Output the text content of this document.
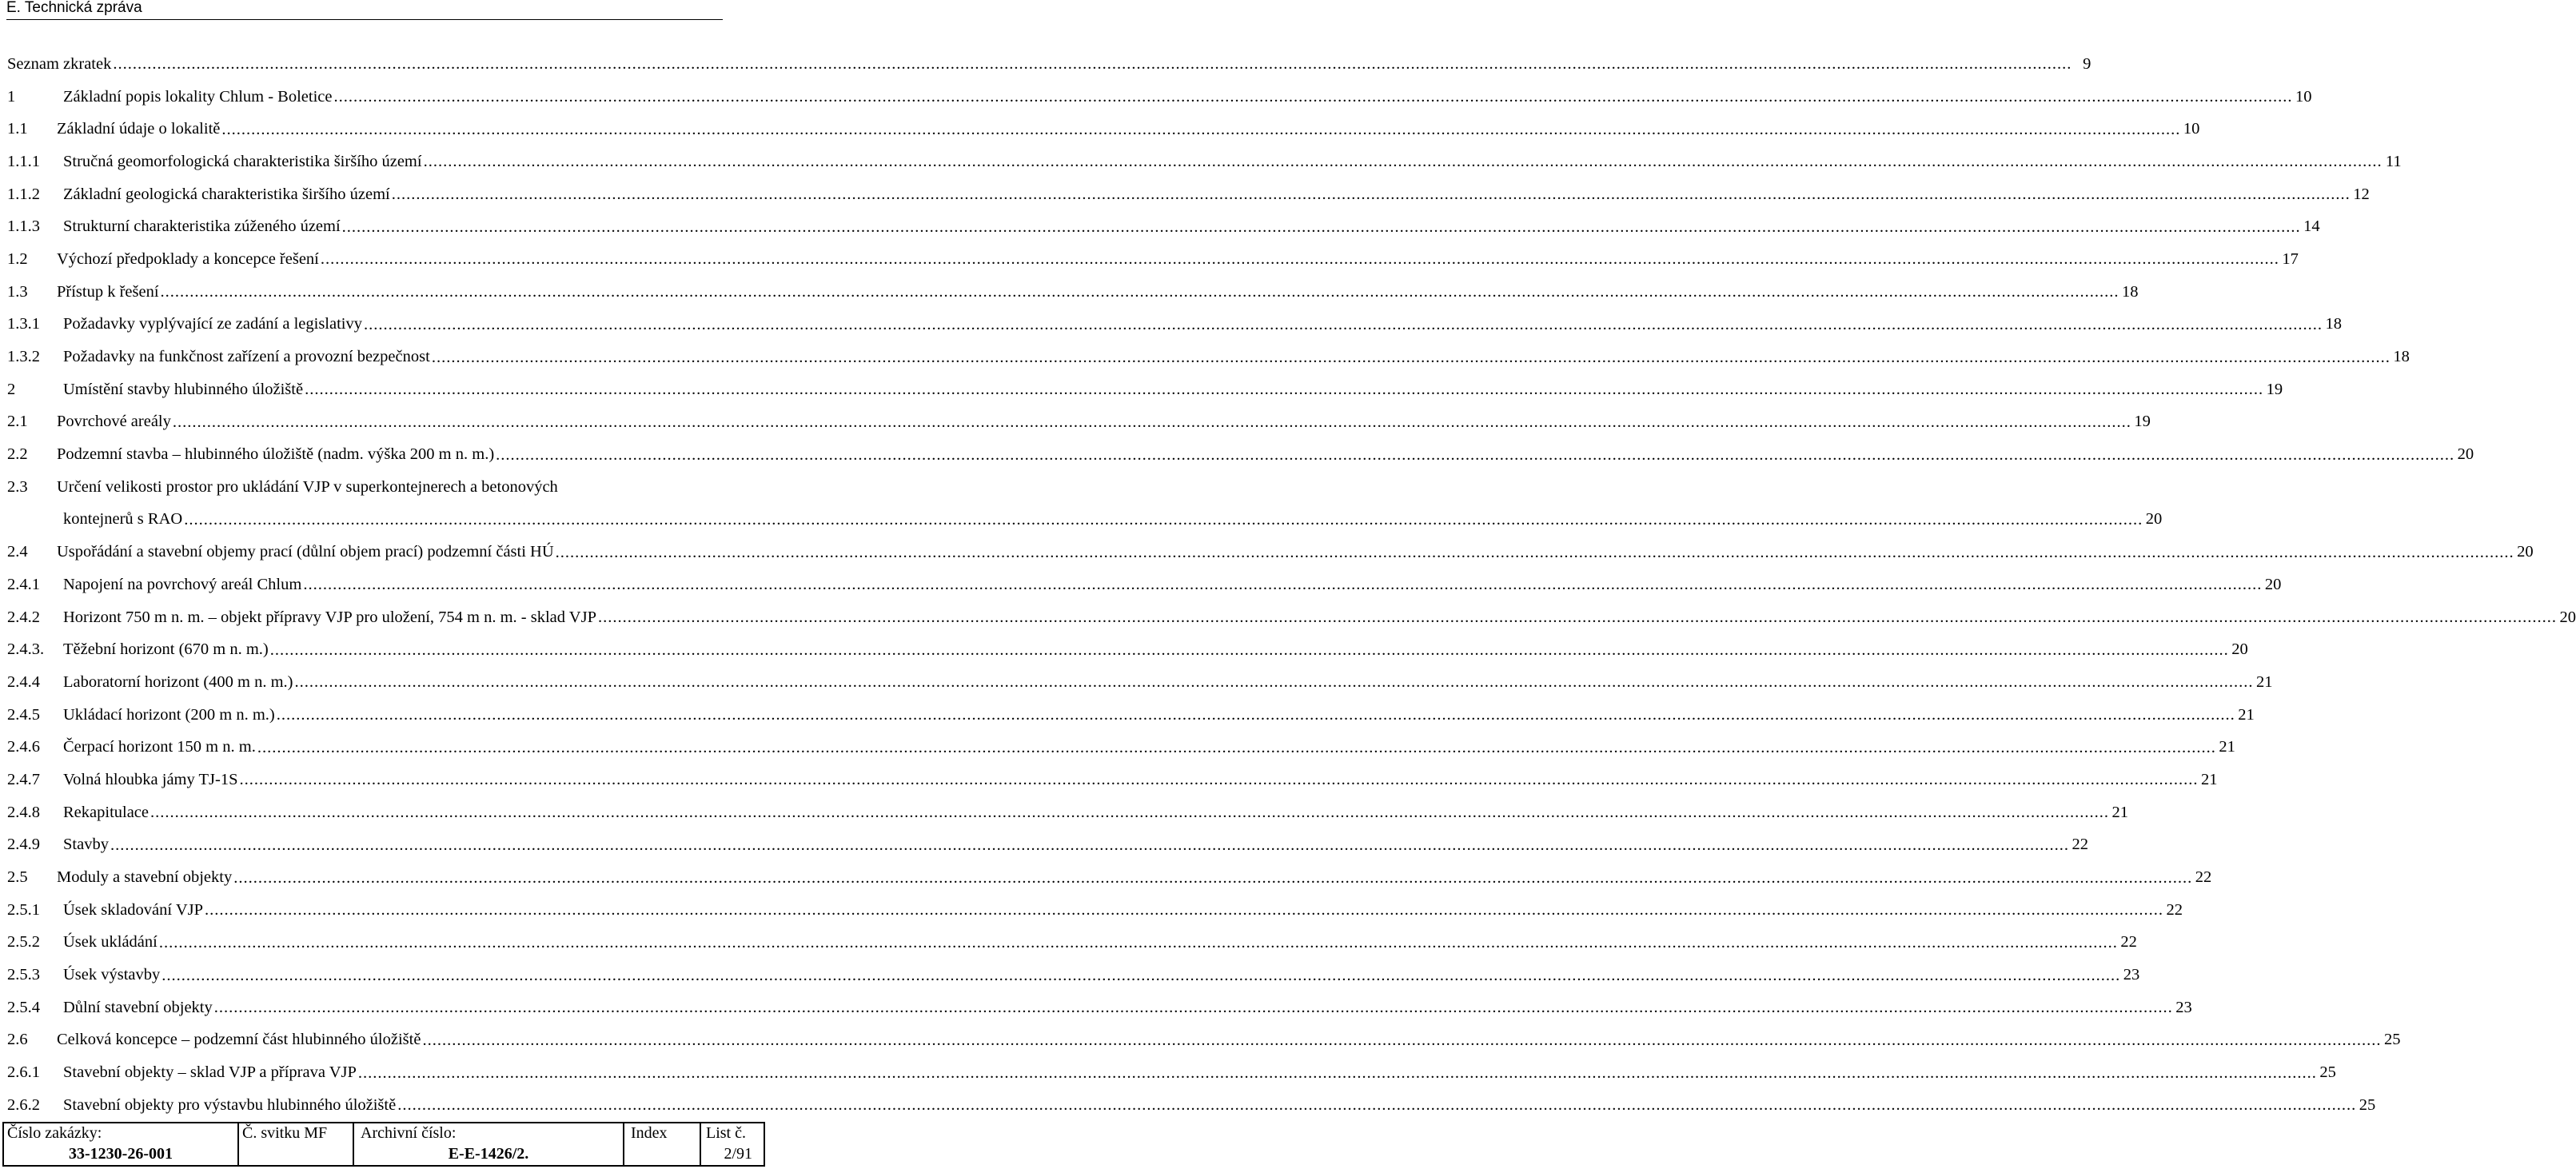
E. Technická zpráva
Seznam zkratek ................................................................................................................................................................................................................................................................................................................................................................................................................ 9
1	Základní popis lokality Chlum - Boletice ................................................................................................................................................................................................................................................................................................................................................................................................................ 10
1.1	Základní údaje o lokalitě ................................................................................................................................................................................................................................................................................................................................................................................................................ 10
1.1.1	Stručná geomorfologická charakteristika širšího území ................................................................................................................................................................................................................................................................................................................................................................................................................ 11
1.1.2	Základní geologická charakteristika širšího území ................................................................................................................................................................................................................................................................................................................................................................................................................ 12
1.1.3	Strukturní charakteristika zúženého území ................................................................................................................................................................................................................................................................................................................................................................................................................ 14
1.2	Výchozí předpoklady a koncepce řešení ................................................................................................................................................................................................................................................................................................................................................................................................................ 17
1.3	Přístup k řešení ................................................................................................................................................................................................................................................................................................................................................................................................................ 18
1.3.1	Požadavky vyplývající ze zadání a legislativy ................................................................................................................................................................................................................................................................................................................................................................................................................ 18
1.3.2	Požadavky na funkčnost zařízení a provozní bezpečnost ................................................................................................................................................................................................................................................................................................................................................................................................................ 18
2	Umístění stavby hlubinného úložiště ................................................................................................................................................................................................................................................................................................................................................................................................................ 19
2.1	Povrchové areály ................................................................................................................................................................................................................................................................................................................................................................................................................ 19
2.2	Podzemní stavba – hlubinného úložiště (nadm. výška 200 m n. m.) ................................................................................................................................................................................................................................................................................................................................................................................................................ 20
2.3	Určení velikosti prostor pro ukládání VJP v superkontejnerech a betonových
kontejnerů s RAO ................................................................................................................................................................................................................................................................................................................................................................................................................ 20
2.4	Uspořádání a stavební objemy prací (důlní objem prací) podzemní části HÚ ................................................................................................................................................................................................................................................................................................................................................................................................................ 20
2.4.1	Napojení na povrchový areál Chlum ................................................................................................................................................................................................................................................................................................................................................................................................................ 20
2.4.2	Horizont 750 m n. m. – objekt přípravy VJP pro uložení, 754 m n. m. - sklad VJP ................................................................................................................................................................................................................................................................................................................................................................................................................ 20
2.4.3.	Těžební horizont (670 m n. m.) ................................................................................................................................................................................................................................................................................................................................................................................................................ 20
2.4.4	Laboratorní horizont (400 m n. m.) ................................................................................................................................................................................................................................................................................................................................................................................................................ 21
2.4.5	Ukládací horizont (200 m n. m.) ................................................................................................................................................................................................................................................................................................................................................................................................................ 21
2.4.6	Čerpací horizont 150 m n. m. ................................................................................................................................................................................................................................................................................................................................................................................................................ 21
2.4.7	Volná hloubka jámy TJ-1S ................................................................................................................................................................................................................................................................................................................................................................................................................ 21
2.4.8	Rekapitulace ................................................................................................................................................................................................................................................................................................................................................................................................................ 21
2.4.9	Stavby ................................................................................................................................................................................................................................................................................................................................................................................................................ 22
2.5	Moduly a stavební objekty ................................................................................................................................................................................................................................................................................................................................................................................................................ 22
2.5.1	Úsek skladování VJP ................................................................................................................................................................................................................................................................................................................................................................................................................ 22
2.5.2	Úsek ukládání ................................................................................................................................................................................................................................................................................................................................................................................................................ 22
2.5.3	Úsek výstavby ................................................................................................................................................................................................................................................................................................................................................................................................................ 23
2.5.4	Důlní stavební objekty ................................................................................................................................................................................................................................................................................................................................................................................................................ 23
2.6	Celková koncepce – podzemní část hlubinného úložiště ................................................................................................................................................................................................................................................................................................................................................................................................................ 25
2.6.1	Stavební objekty – sklad VJP a příprava VJP ................................................................................................................................................................................................................................................................................................................................................................................................................ 25
2.6.2	Stavební objekty pro výstavbu hlubinného úložiště ................................................................................................................................................................................................................................................................................................................................................................................................................ 25
Číslo zakázky:
33-1230-26-001
Č. svitku MF Archivní číslo:
E-E-1426/2.
Index List č.
2/91
